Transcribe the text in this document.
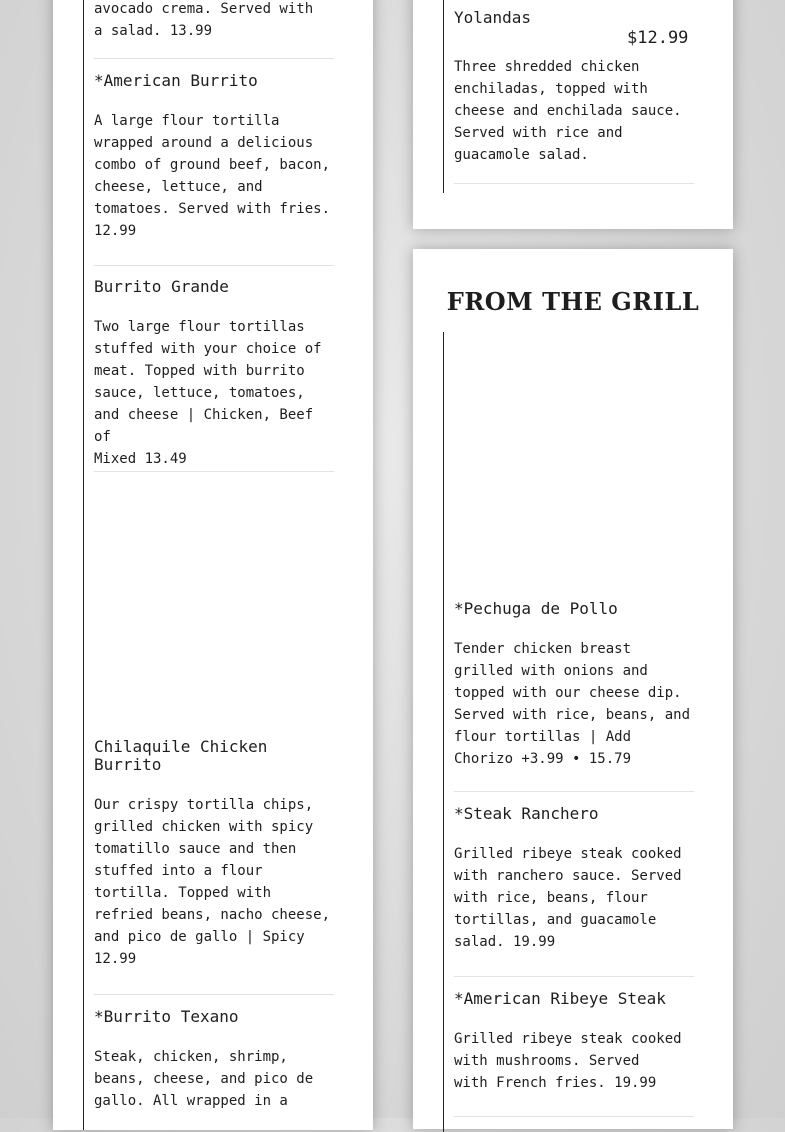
avocado crema. Served with

a salad. 13.99

*American Burrito

A large flour tortilla

wrapped around a delicious

combo of ground beef, bacon,

cheese, lettuce, and

tomatoes. Served with fries.

12.99

Burrito Grande

Two large flour tortillas

stuffed with your choice of

meat. Topped with burrito

sauce, lettuce, tomatoes,

and cheese | Chicken, Beef of

Mixed 13.49

Chilaquile Chicken

Burrito

Our crispy tortilla chips,

grilled chicken with spicy

tomatillo sauce and then

stuffed into a flour

tortilla. Topped with

refried beans, nacho cheese,

and pico de gallo | Spicy

12.99

*Burrito Texano

Steak, chicken, shrimp,

beans, cheese, and pico de

gallo. All wrapped in a

Yolandas

$12.99

Three shredded chicken

enchiladas, topped with

cheese and enchilada sauce.

Served with rice and

guacamole salad.

FROM THE GRILL

*Pechuga de Pollo

Tender chicken breast

grilled with onions and

topped with our cheese dip.

Served with rice, beans, and

flour tortillas | Add

Chorizo +3.99 • 15.79

*Steak Ranchero

Grilled ribeye steak cooked

with ranchero sauce. Served

with rice, beans, flour

tortillas, and guacamole

salad. 19.99

*American Ribeye Steak

Grilled ribeye steak cooked

with mushrooms. Served

with French fries. 19.99
